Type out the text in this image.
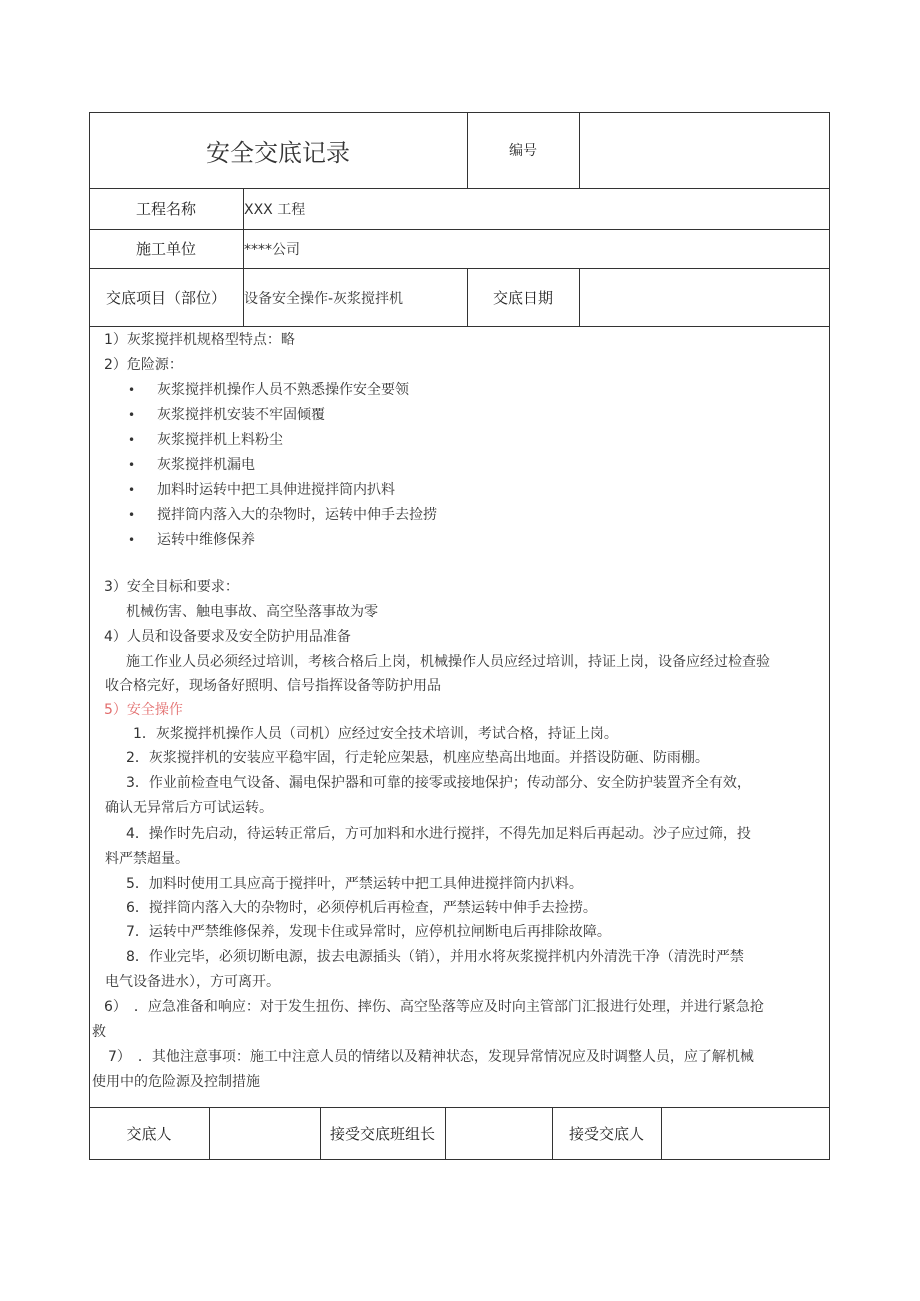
安全交底记录	编号
工程名称	XXX 工程
施工单位	****公司
交底项目（部位）	设备安全操作-灰浆搅拌机	交底日期
1）灰浆搅拌机规格型特点：略
2）危险源：
• 灰浆搅拌机操作人员不熟悉操作安全要领
• 灰浆搅拌机安装不牢固倾覆
• 灰浆搅拌机上料粉尘
• 灰浆搅拌机漏电
• 加料时运转中把工具伸进搅拌筒内扒料
• 搅拌筒内落入大的杂物时，运转中伸手去捡捞
• 运转中维修保养
3）安全目标和要求：
机械伤害、触电事故、高空坠落事故为零
4）人员和设备要求及安全防护用品准备
施工作业人员必须经过培训，考核合格后上岗，机械操作人员应经过培训，持证上岗，设备应经过检查验
收合格完好，现场备好照明、信号指挥设备等防护用品
5）安全操作
1．灰浆搅拌机操作人员（司机）应经过安全技术培训，考试合格，持证上岗。
2．灰浆搅拌机的安装应平稳牢固，行走轮应架悬，机座应垫高出地面。并搭设防砸、防雨棚。
3．作业前检查电气设备、漏电保护器和可靠的接零或接地保护；传动部分、安全防护装置齐全有效，
确认无异常后方可试运转。
4．操作时先启动，待运转正常后，方可加料和水进行搅拌，不得先加足料后再起动。沙子应过筛，投
料严禁超量。
5．加料时使用工具应高于搅拌叶，严禁运转中把工具伸进搅拌筒内扒料。
6．搅拌筒内落入大的杂物时，必须停机后再检查，严禁运转中伸手去捡捞。
7．运转中严禁维修保养，发现卡住或异常时，应停机拉闸断电后再排除故障。
8．作业完毕，必须切断电源，拔去电源插头（销），并用水将灰浆搅拌机内外清洗干净（清洗时严禁
电气设备进水），方可离开。
6）　．应急准备和响应：对于发生扭伤、摔伤、高空坠落等应及时向主管部门汇报进行处理，并进行紧急抢
救
7）　．其他注意事项：施工中注意人员的情绪以及精神状态，发现异常情况应及时调整人员，应了解机械
使用中的危险源及控制措施
交底人	接受交底班组长	接受交底人
